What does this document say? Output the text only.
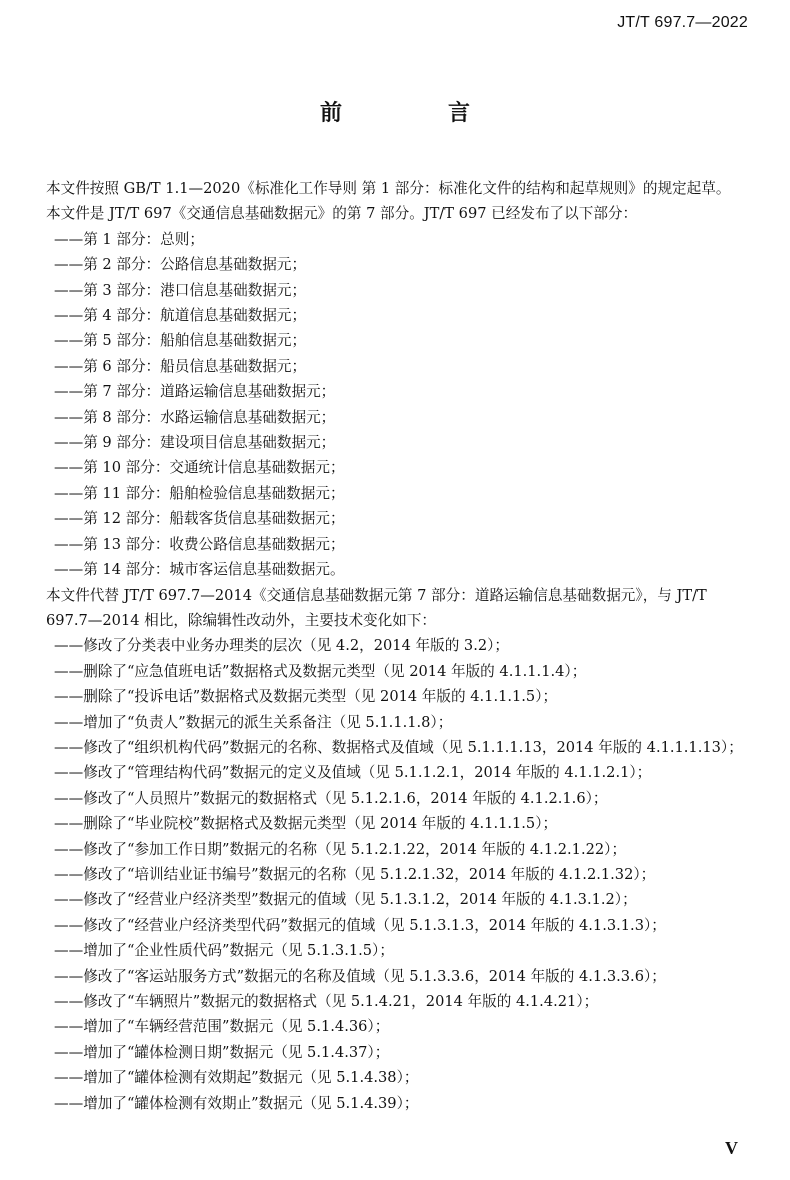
JT/T 697.7—2022
前　言

本文件按照 GB/T 1.1—2020《标准化工作导则 第 1 部分：标准化文件的结构和起草规则》的规定起草。

本文件是 JT/T 697《交通信息基础数据元》的第 7 部分。JT/T 697 已经发布了以下部分：

——第 1 部分：总则；
——第 2 部分：公路信息基础数据元；
——第 3 部分：港口信息基础数据元；
——第 4 部分：航道信息基础数据元；
——第 5 部分：船舶信息基础数据元；
——第 6 部分：船员信息基础数据元；
——第 7 部分：道路运输信息基础数据元；
——第 8 部分：水路运输信息基础数据元；
——第 9 部分：建设项目信息基础数据元；
——第 10 部分：交通统计信息基础数据元；
——第 11 部分：船舶检验信息基础数据元；
——第 12 部分：船载客货信息基础数据元；
——第 13 部分：收费公路信息基础数据元；
——第 14 部分：城市客运信息基础数据元。

本文件代替 JT/T 697.7—2014《交通信息基础数据元第 7 部分：道路运输信息基础数据元》，与 JT/T 697.7—2014 相比，除编辑性改动外，主要技术变化如下：

——修改了分类表中业务办理类的层次（见 4.2，2014 年版的 3.2）；
——删除了“应急值班电话”数据格式及数据元类型（见 2014 年版的 4.1.1.1.4）；
——删除了“投诉电话”数据格式及数据元类型（见 2014 年版的 4.1.1.1.5）；
——增加了“负责人”数据元的派生关系备注（见 5.1.1.1.8）；
——修改了“组织机构代码”数据元的名称、数据格式及值域（见 5.1.1.1.13，2014 年版的 4.1.1.1.13）；
——修改了“管理结构代码”数据元的定义及值域（见 5.1.1.2.1，2014 年版的 4.1.1.2.1）；
——修改了“人员照片”数据元的数据格式（见 5.1.2.1.6，2014 年版的 4.1.2.1.6）；
——删除了“毕业院校”数据格式及数据元类型（见 2014 年版的 4.1.1.1.5）；
——修改了“参加工作日期”数据元的名称（见 5.1.2.1.22，2014 年版的 4.1.2.1.22）；
——修改了“培训结业证书编号”数据元的名称（见 5.1.2.1.32，2014 年版的 4.1.2.1.32）；
——修改了“经营业户经济类型”数据元的值域（见 5.1.3.1.2，2014 年版的 4.1.3.1.2）；
——修改了“经营业户经济类型代码”数据元的值域（见 5.1.3.1.3，2014 年版的 4.1.3.1.3）；
——增加了“企业性质代码”数据元（见 5.1.3.1.5）；
——修改了“客运站服务方式”数据元的名称及值域（见 5.1.3.3.6，2014 年版的 4.1.3.3.6）；
——修改了“车辆照片”数据元的数据格式（见 5.1.4.21，2014 年版的 4.1.4.21）；
——增加了“车辆经营范围”数据元（见 5.1.4.36）；
——增加了“罐体检测日期”数据元（见 5.1.4.37）；
——增加了“罐体检测有效期起”数据元（见 5.1.4.38）；
——增加了“罐体检测有效期止”数据元（见 5.1.4.39）；
V
